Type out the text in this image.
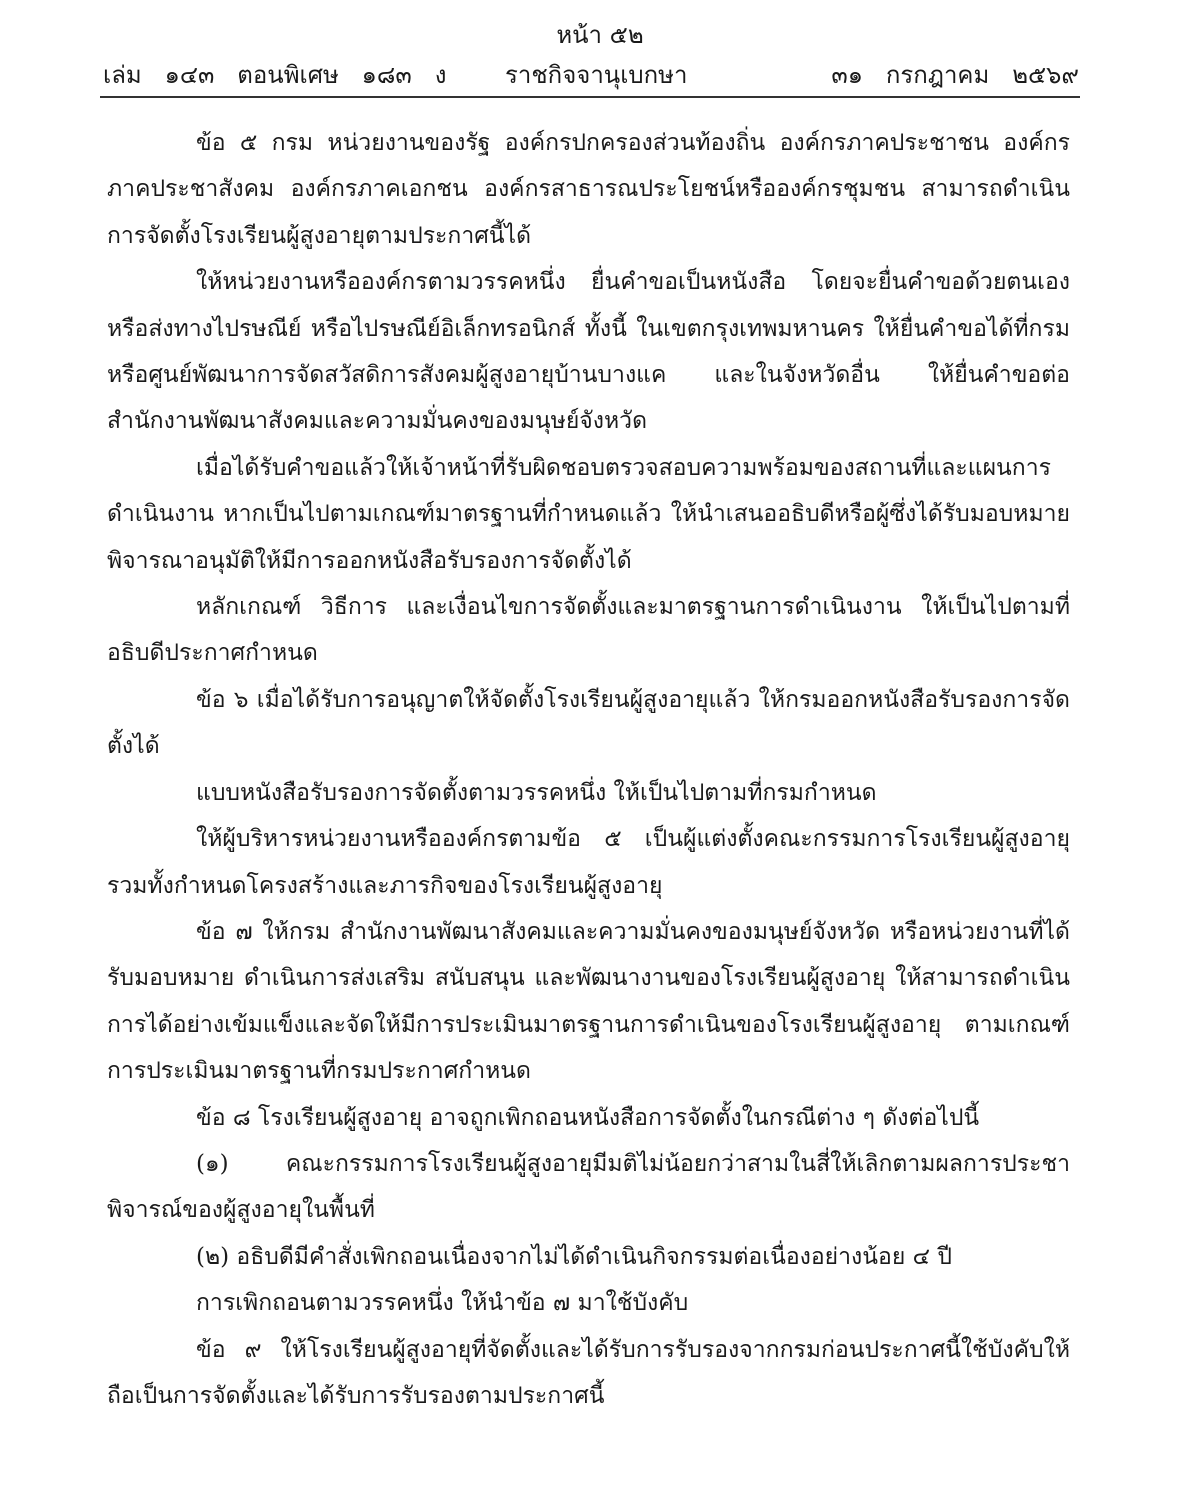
หน้า ๕๒
เล่ม   ๑๔๓   ตอนพิเศษ   ๑๘๓   ง ราชกิจจานุเบกษา	๓๑   กรกฎาคม   ๒๕๖๙

ข้อ ๕ กรม หน่วยงานของรัฐ องค์กรปกครองส่วนท้องถิ่น องค์กรภาคประชาชน องค์กรภาคประชาสังคม องค์กรภาคเอกชน องค์กรสาธารณประโยชน์หรือองค์กรชุมชน สามารถดำเนินการจัดตั้งโรงเรียนผู้สูงอายุตามประกาศนี้ได้

ให้หน่วยงานหรือองค์กรตามวรรคหนึ่ง ยื่นคำขอเป็นหนังสือ โดยจะยื่นคำขอด้วยตนเอง หรือส่งทางไปรษณีย์ หรือไปรษณีย์อิเล็กทรอนิกส์ ทั้งนี้ ในเขตกรุงเทพมหานคร ให้ยื่นคำขอได้ที่กรมหรือศูนย์พัฒนาการจัดสวัสดิการสังคมผู้สูงอายุบ้านบางแค และในจังหวัดอื่น ให้ยื่นคำขอต่อสำนักงานพัฒนาสังคมและความมั่นคงของมนุษย์จังหวัด

เมื่อได้รับคำขอแล้วให้เจ้าหน้าที่รับผิดชอบตรวจสอบความพร้อมของสถานที่และแผนการดำเนินงาน หากเป็นไปตามเกณฑ์มาตรฐานที่กำหนดแล้ว ให้นำเสนออธิบดีหรือผู้ซึ่งได้รับมอบหมายพิจารณาอนุมัติให้มีการออกหนังสือรับรองการจัดตั้งได้

หลักเกณฑ์ วิธีการ และเงื่อนไขการจัดตั้งและมาตรฐานการดำเนินงาน ให้เป็นไปตามที่อธิบดีประกาศกำหนด

ข้อ ๖ เมื่อได้รับการอนุญาตให้จัดตั้งโรงเรียนผู้สูงอายุแล้ว ให้กรมออกหนังสือรับรองการจัดตั้งได้

แบบหนังสือรับรองการจัดตั้งตามวรรคหนึ่ง ให้เป็นไปตามที่กรมกำหนด

ให้ผู้บริหารหน่วยงานหรือองค์กรตามข้อ ๕ เป็นผู้แต่งตั้งคณะกรรมการโรงเรียนผู้สูงอายุ รวมทั้งกำหนดโครงสร้างและภารกิจของโรงเรียนผู้สูงอายุ

ข้อ ๗ ให้กรม สำนักงานพัฒนาสังคมและความมั่นคงของมนุษย์จังหวัด หรือหน่วยงานที่ได้รับมอบหมาย ดำเนินการส่งเสริม สนับสนุน และพัฒนางานของโรงเรียนผู้สูงอายุ ให้สามารถดำเนินการได้อย่างเข้มแข็งและจัดให้มีการประเมินมาตรฐานการดำเนินของโรงเรียนผู้สูงอายุ ตามเกณฑ์การประเมินมาตรฐานที่กรมประกาศกำหนด

ข้อ ๘ โรงเรียนผู้สูงอายุ อาจถูกเพิกถอนหนังสือการจัดตั้งในกรณีต่าง ๆ ดังต่อไปนี้

(๑) คณะกรรมการโรงเรียนผู้สูงอายุมีมติไม่น้อยกว่าสามในสี่ให้เลิกตามผลการประชาพิจารณ์ของผู้สูงอายุในพื้นที่

(๒) อธิบดีมีคำสั่งเพิกถอนเนื่องจากไม่ได้ดำเนินกิจกรรมต่อเนื่องอย่างน้อย ๔ ปี

การเพิกถอนตามวรรคหนึ่ง ให้นำข้อ ๗ มาใช้บังคับ

ข้อ ๙ ให้โรงเรียนผู้สูงอายุที่จัดตั้งและได้รับการรับรองจากกรมก่อนประกาศนี้ใช้บังคับให้ถือเป็นการจัดตั้งและได้รับการรับรองตามประกาศนี้
